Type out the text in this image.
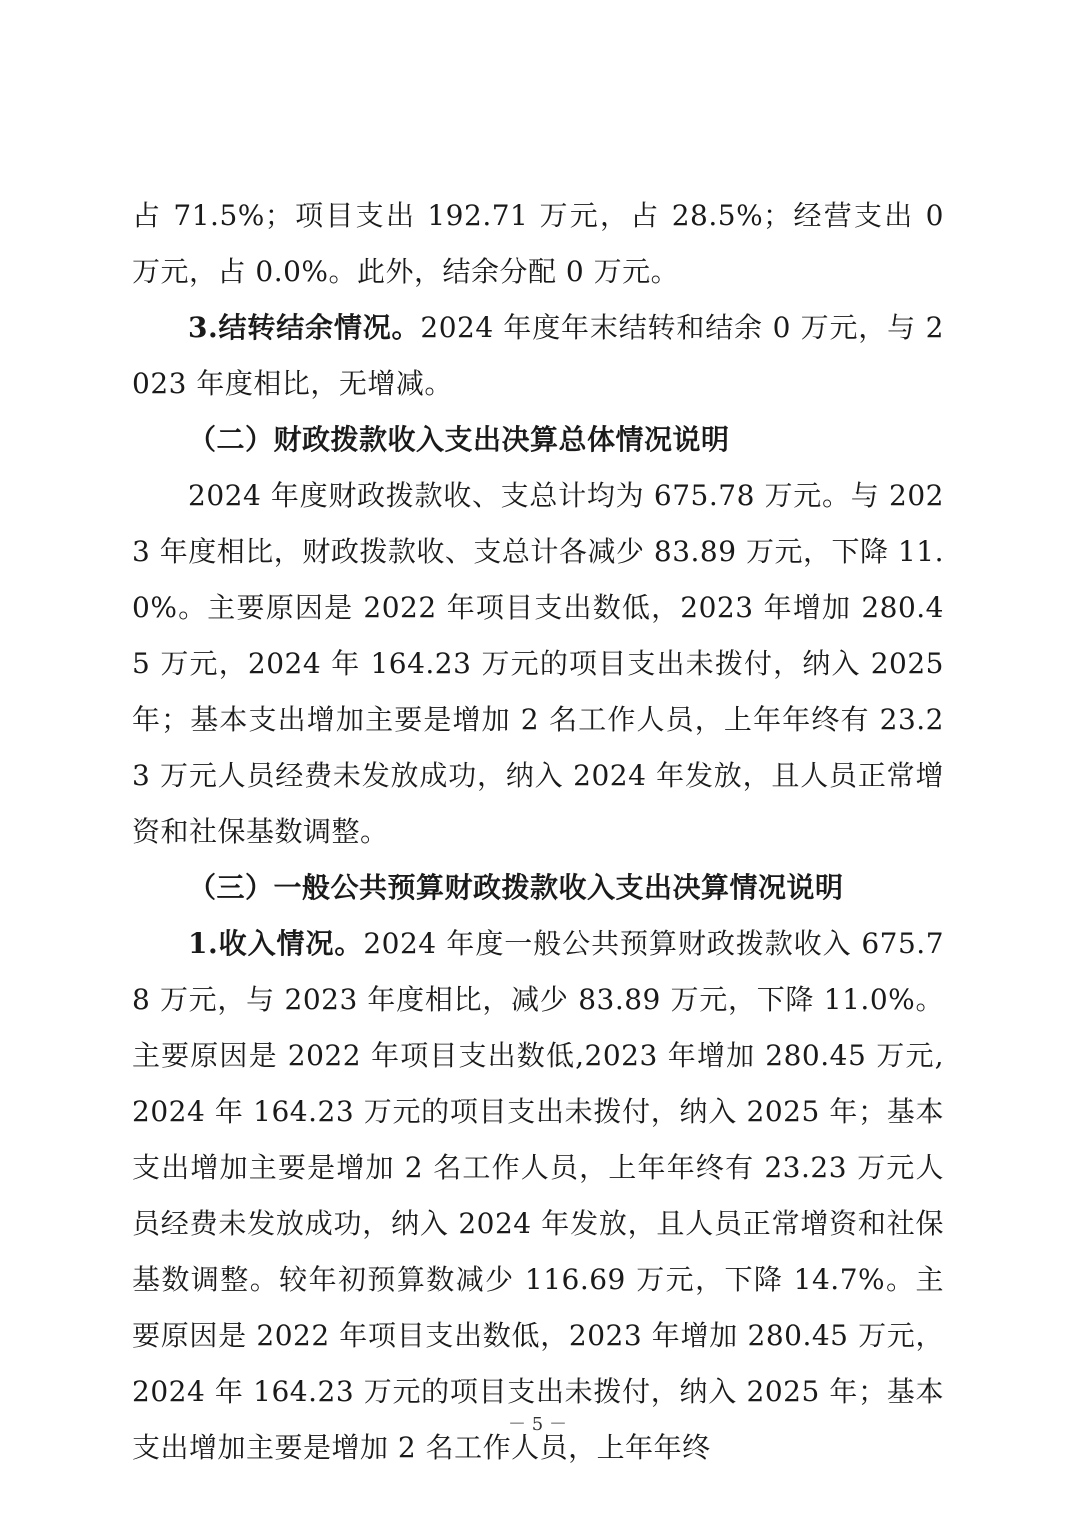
占 71.5%；项目支出 192.71 万元，占 28.5%；经营支出 0 万元，占 0.0%。此外，结余分配 0 万元。

3.结转结余情况。2024 年度年末结转和结余 0 万元，与 2023 年度相比，无增减。

（二）财政拨款收入支出决算总体情况说明

2024 年度财政拨款收、支总计均为 675.78 万元。与 2023 年度相比，财政拨款收、支总计各减少 83.89 万元，下降 11.0%。主要原因是 2022 年项目支出数低，2023 年增加 280.45 万元，2024 年 164.23 万元的项目支出未拨付，纳入 2025 年；基本支出增加主要是增加 2 名工作人员，上年年终有 23.23 万元人员经费未发放成功，纳入 2024 年发放，且人员正常增资和社保基数调整。

（三）一般公共预算财政拨款收入支出决算情况说明

1.收入情况。2024 年度一般公共预算财政拨款收入 675.78 万元，与 2023 年度相比，减少 83.89 万元，下降 11.0%。主要原因是 2022 年项目支出数低,2023 年增加 280.45 万元,2024 年 164.23 万元的项目支出未拨付，纳入 2025 年；基本支出增加主要是增加 2 名工作人员，上年年终有 23.23 万元人员经费未发放成功，纳入 2024 年发放，且人员正常增资和社保基数调整。较年初预算数减少 116.69 万元，下降 14.7%。主要原因是 2022 年项目支出数低，2023 年增加 280.45 万元，2024 年 164.23 万元的项目支出未拨付，纳入 2025 年；基本支出增加主要是增加 2 名工作人员，上年年终

－ 5 －
